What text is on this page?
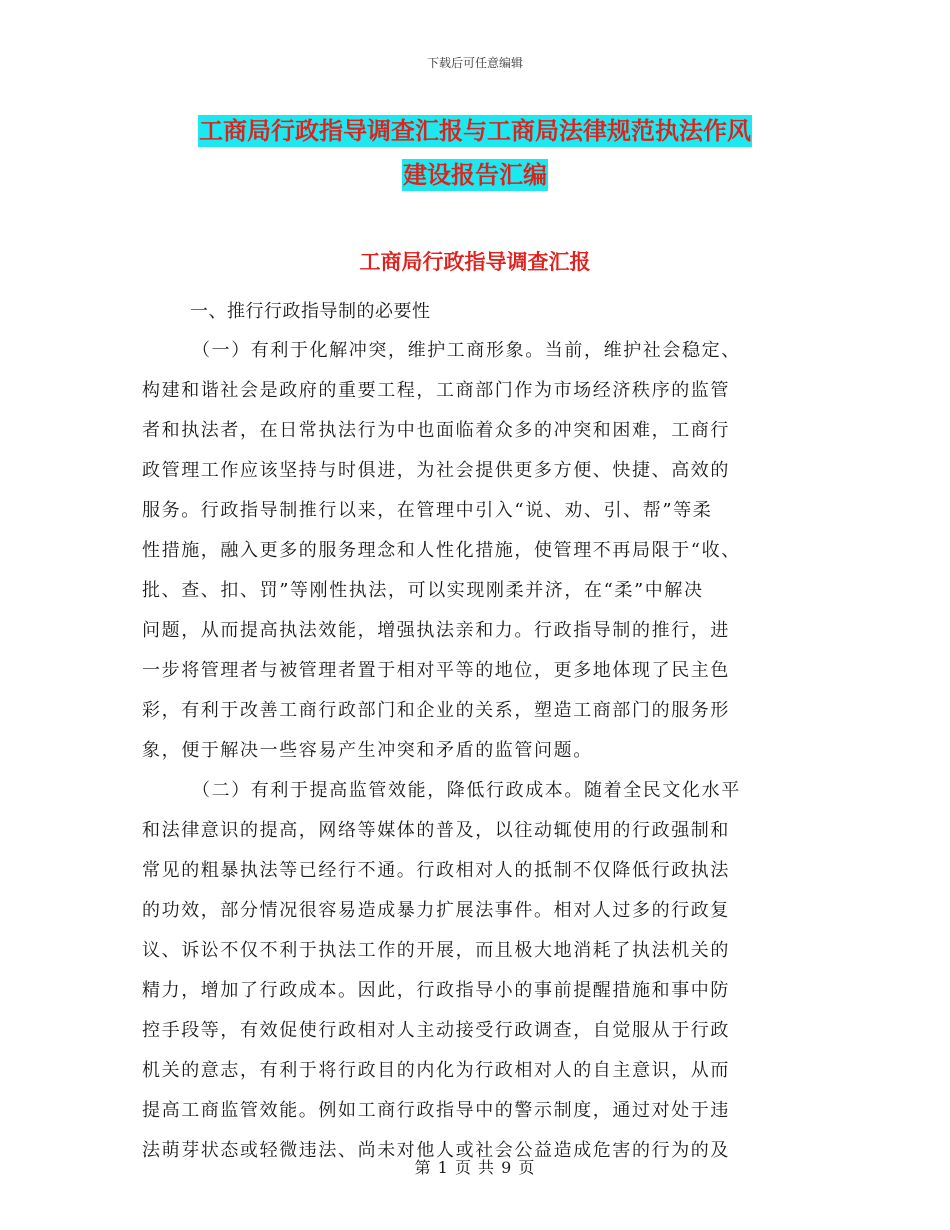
下载后可任意编辑
工商局行政指导调查汇报与工商局法律规范执法作风
建设报告汇编
工商局行政指导调查汇报
一、推行行政指导制的必要性
（一）有利于化解冲突，维护工商形象。当前，维护社会稳定、
构建和谐社会是政府的重要工程，工商部门作为市场经济秩序的监管
者和执法者，在日常执法行为中也面临着众多的冲突和困难，工商行
政管理工作应该坚持与时俱进，为社会提供更多方便、快捷、高效的
服务。行政指导制推行以来，在管理中引入“说、劝、引、帮”等柔
性措施，融入更多的服务理念和人性化措施，使管理不再局限于“收、
批、查、扣、罚”等刚性执法，可以实现刚柔并济，在“柔”中解决
问题，从而提高执法效能，增强执法亲和力。行政指导制的推行，进
一步将管理者与被管理者置于相对平等的地位，更多地体现了民主色
彩，有利于改善工商行政部门和企业的关系，塑造工商部门的服务形
象，便于解决一些容易产生冲突和矛盾的监管问题。
（二）有利于提高监管效能，降低行政成本。随着全民文化水平
和法律意识的提高，网络等媒体的普及，以往动辄使用的行政强制和
常见的粗暴执法等已经行不通。行政相对人的抵制不仅降低行政执法
的功效，部分情况很容易造成暴力扩展法事件。相对人过多的行政复
议、诉讼不仅不利于执法工作的开展，而且极大地消耗了执法机关的
精力，增加了行政成本。因此，行政指导小的事前提醒措施和事中防
控手段等，有效促使行政相对人主动接受行政调查，自觉服从于行政
机关的意志，有利于将行政目的内化为行政相对人的自主意识，从而
提高工商监管效能。例如工商行政指导中的警示制度，通过对处于违
法萌芽状态或轻微违法、尚未对他人或社会公益造成危害的行为的及
第 1 页 共 9 页
